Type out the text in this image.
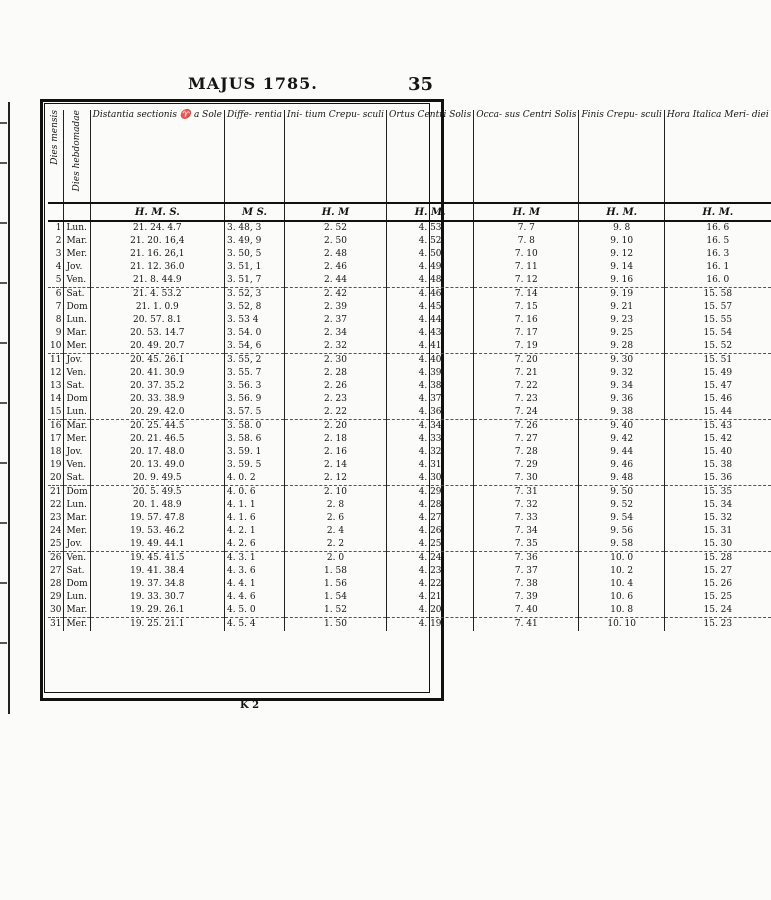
MAJUS 1785.	35
Dies mensis	Dies hebdomadae	Distantia sectionis ♈ a Sole	Diffe- rentia	Ini- tium Crepu- sculi	Ortus Centri Solis	Occa- sus Centri Solis	Finis Crepu- sculi	Hora Italica Meri- diei
		H. M. S.	M S.	H. M	H. M.	H. M	H. M.	H. M.
1	Lun.	21. 24. 4.7	3. 48, 3	2. 52	4. 53	7. 7	9. 8	16. 6
2	Mar.	21. 20. 16,4	3. 49, 9	2. 50	4. 52	7. 8	9. 10	16. 5
3	Mer.	21. 16. 26,1	3. 50, 5	2. 48	4. 50	7. 10	9. 12	16. 3
4	Jov.	21. 12. 36.0	3. 51, 1	2. 46	4. 49	7. 11	9. 14	16. 1
5	Ven.	21. 8. 44.9	3. 51, 7	2. 44	4. 48	7. 12	9. 16	16. 0
6	Sat.	21. 4. 53.2	3. 52, 3	2. 42	4. 46	7. 14	9. 19	15. 58
7	Dom	21. 1. 0.9	3. 52, 8	2. 39	4. 45	7. 15	9. 21	15. 57
8	Lun.	20. 57. 8.1	3. 53 4	2. 37	4. 44	7. 16	9. 23	15. 55
9	Mar.	20. 53. 14.7	3. 54. 0	2. 34	4. 43	7. 17	9. 25	15. 54
10	Mer.	20. 49. 20.7	3. 54, 6	2. 32	4. 41	7. 19	9. 28	15. 52
11	Jov.	20. 45. 26.1	3. 55, 2	2. 30	4. 40	7. 20	9. 30	15. 51
12	Ven.	20. 41. 30.9	3. 55. 7	2. 28	4. 39	7. 21	9. 32	15. 49
13	Sat.	20. 37. 35.2	3. 56. 3	2. 26	4. 38	7. 22	9. 34	15. 47
14	Dom	20. 33. 38.9	3. 56. 9	2. 23	4. 37	7. 23	9. 36	15. 46
15	Lun.	20. 29. 42.0	3. 57. 5	2. 22	4. 36	7. 24	9. 38	15. 44
16	Mar.	20. 25. 44.5	3. 58. 0	2. 20	4. 34	7. 26	9. 40	15. 43
17	Mer.	20. 21. 46.5	3. 58. 6	2. 18	4. 33	7. 27	9. 42	15. 42
18	Jov.	20. 17. 48.0	3. 59. 1	2. 16	4. 32	7. 28	9. 44	15. 40
19	Ven.	20. 13. 49.0	3. 59. 5	2. 14	4. 31	7. 29	9. 46	15. 38
20	Sat.	20. 9. 49.5	4. 0. 2	2. 12	4. 30	7. 30	9. 48	15. 36
21	Dom	20. 5. 49.5	4. 0. 6	2. 10	4. 29	7. 31	9. 50	15. 35
22	Lun.	20. 1. 48.9	4. 1. 1	2. 8	4. 28	7. 32	9. 52	15. 34
23	Mar.	19. 57. 47.8	4. 1. 6	2. 6	4. 27	7. 33	9. 54	15. 32
24	Mer.	19. 53. 46.2	4. 2. 1	2. 4	4. 26	7. 34	9. 56	15. 31
25	Jov.	19. 49. 44.1	4. 2. 6	2. 2	4. 25	7. 35	9. 58	15. 30
26	Ven.	19. 45. 41.5	4. 3. 1	2. 0	4. 24	7. 36	10. 0	15. 28
27	Sat.	19. 41. 38.4	4. 3. 6	1. 58	4. 23	7. 37	10. 2	15. 27
28	Dom	19. 37. 34.8	4. 4. 1	1. 56	4. 22	7. 38	10. 4	15. 26
29	Lun.	19. 33. 30.7	4. 4. 6	1. 54	4. 21	7. 39	10. 6	15. 25
30	Mar.	19. 29. 26.1	4. 5. 0	1. 52	4. 20	7. 40	10. 8	15. 24
31	Mer.	19. 25. 21.1	4. 5. 4	1. 50	4. 19	7. 41	10. 10	15. 23
K 2
